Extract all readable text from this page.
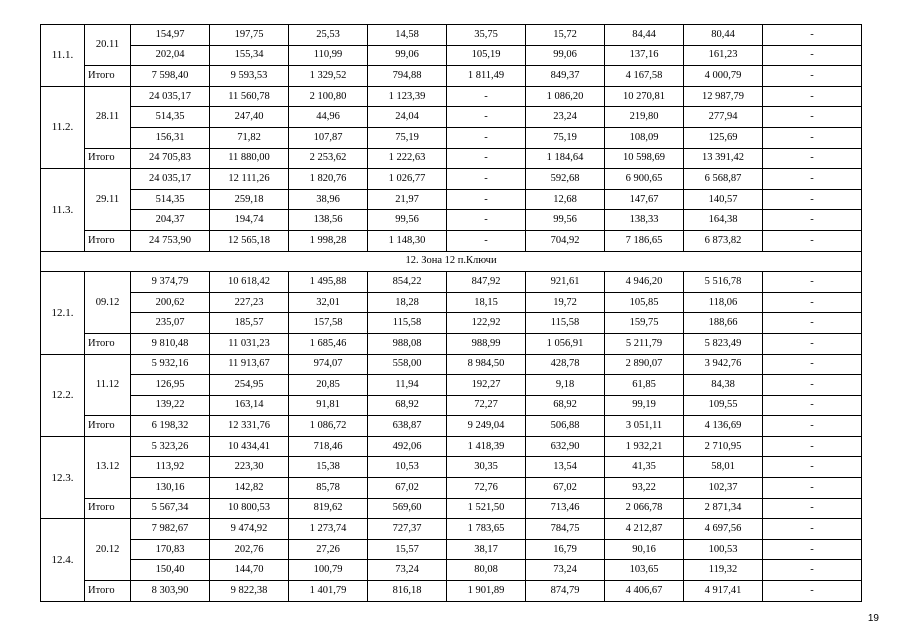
11.1.	20.11	154,97	197,75	25,53	14,58	35,75	15,72	84,44	80,44	-
		202,04	155,34	110,99	99,06	105,19	99,06	137,16	161,23	-
	Итого	7 598,40	9 593,53	1 329,52	794,88	1 811,49	849,37	4 167,58	4 000,79	-
11.2.	28.11	24 035,17	11 560,78	2 100,80	1 123,39	-	1 086,20	10 270,81	12 987,79	-
		514,35	247,40	44,96	24,04	-	23,24	219,80	277,94	-
		156,31	71,82	107,87	75,19	-	75,19	108,09	125,69	-
	Итого	24 705,83	11 880,00	2 253,62	1 222,63	-	1 184,64	10 598,69	13 391,42	-
11.3.	29.11	24 035,17	12 111,26	1 820,76	1 026,77	-	592,68	6 900,65	6 568,87	-
		514,35	259,18	38,96	21,97	-	12,68	147,67	140,57	-
		204,37	194,74	138,56	99,56	-	99,56	138,33	164,38	-
	Итого	24 753,90	12 565,18	1 998,28	1 148,30	-	704,92	7 186,65	6 873,82	-
12. Зона 12 п.Ключи										
12.1.	09.12	9 374,79	10 618,42	1 495,88	854,22	847,92	921,61	4 946,20	5 516,78	-
		200,62	227,23	32,01	18,28	18,15	19,72	105,85	118,06	-
		235,07	185,57	157,58	115,58	122,92	115,58	159,75	188,66	-
	Итого	9 810,48	11 031,23	1 685,46	988,08	988,99	1 056,91	5 211,79	5 823,49	-
12.2.	11.12	5 932,16	11 913,67	974,07	558,00	8 984,50	428,78	2 890,07	3 942,76	-
		126,95	254,95	20,85	11,94	192,27	9,18	61,85	84,38	-
		139,22	163,14	91,81	68,92	72,27	68,92	99,19	109,55	-
	Итого	6 198,32	12 331,76	1 086,72	638,87	9 249,04	506,88	3 051,11	4 136,69	-
12.3.	13.12	5 323,26	10 434,41	718,46	492,06	1 418,39	632,90	1 932,21	2 710,95	-
		113,92	223,30	15,38	10,53	30,35	13,54	41,35	58,01	-
		130,16	142,82	85,78	67,02	72,76	67,02	93,22	102,37	-
	Итого	5 567,34	10 800,53	819,62	569,60	1 521,50	713,46	2 066,78	2 871,34	-
12.4.	20.12	7 982,67	9 474,92	1 273,74	727,37	1 783,65	784,75	4 212,87	4 697,56	-
		170,83	202,76	27,26	15,57	38,17	16,79	90,16	100,53	-
		150,40	144,70	100,79	73,24	80,08	73,24	103,65	119,32	-
	Итого	8 303,90	9 822,38	1 401,79	816,18	1 901,89	874,79	4 406,67	4 917,41	-
19
